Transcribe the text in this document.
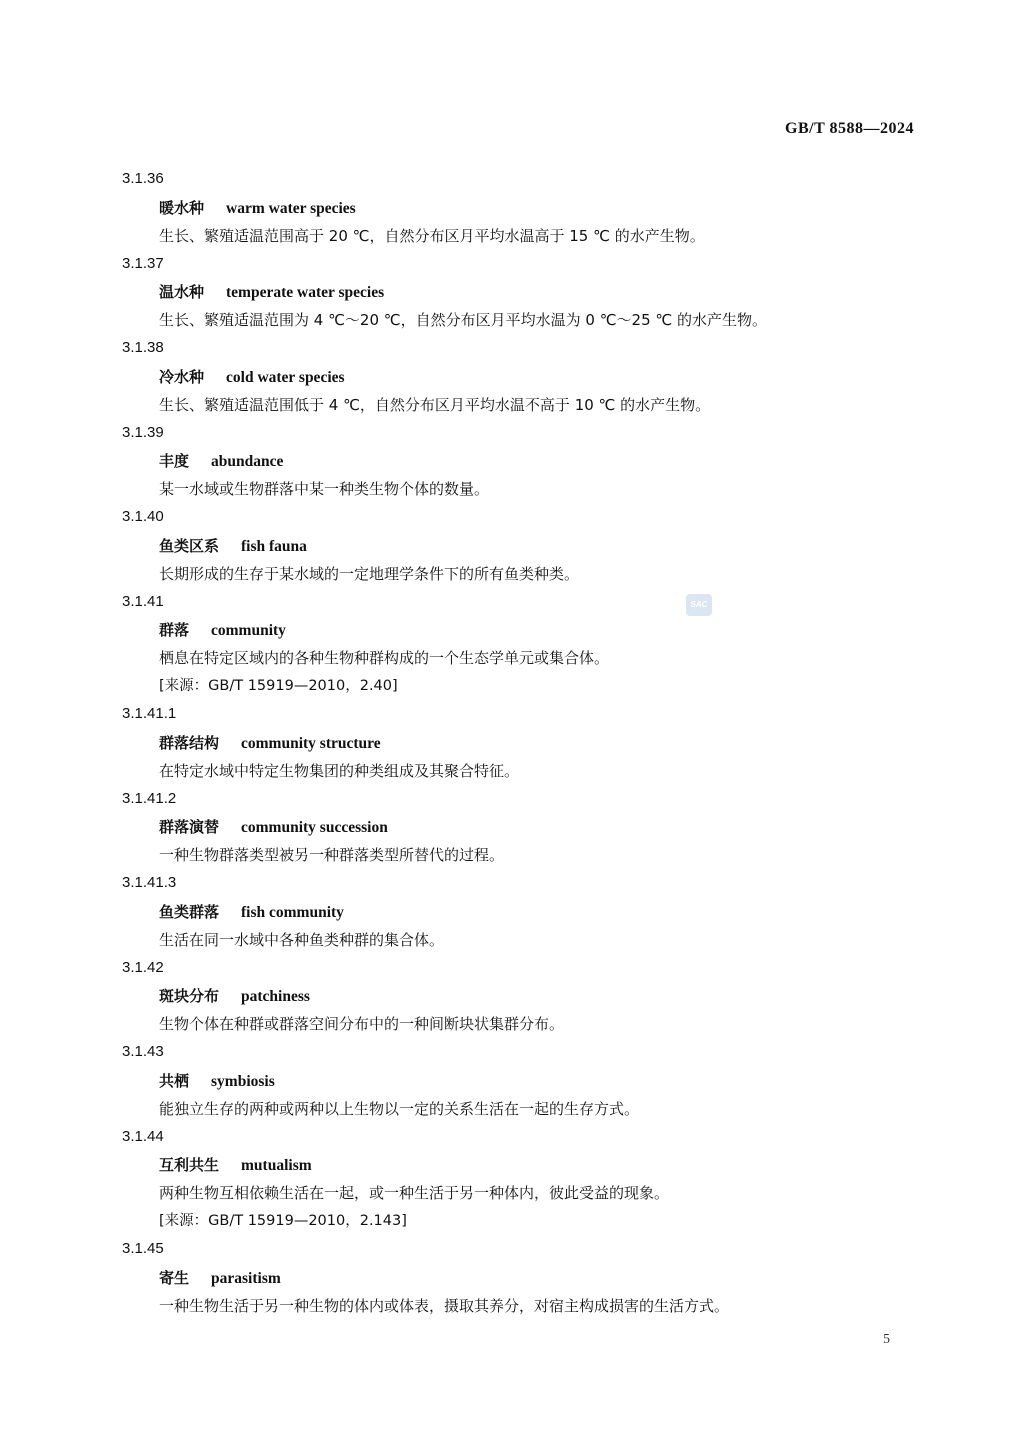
GB/T 8588—2024
3.1.36
暖水种 warm water species
生长、繁殖适温范围高于 20 ℃，自然分布区月平均水温高于 15 ℃ 的水产生物。
3.1.37
温水种 temperate water species
生长、繁殖适温范围为 4 ℃～20 ℃，自然分布区月平均水温为 0 ℃～25 ℃ 的水产生物。
3.1.38
冷水种 cold water species
生长、繁殖适温范围低于 4 ℃，自然分布区月平均水温不高于 10 ℃ 的水产生物。
3.1.39
丰度 abundance
某一水域或生物群落中某一种类生物个体的数量。
3.1.40
鱼类区系 fish fauna
长期形成的生存于某水域的一定地理学条件下的所有鱼类种类。
3.1.41
群落 community
栖息在特定区域内的各种生物种群构成的一个生态学单元或集合体。
[来源：GB/T 15919—2010，2.40]
3.1.41.1
群落结构 community structure
在特定水域中特定生物集团的种类组成及其聚合特征。
3.1.41.2
群落演替 community succession
一种生物群落类型被另一种群落类型所替代的过程。
3.1.41.3
鱼类群落 fish community
生活在同一水域中各种鱼类种群的集合体。
3.1.42
斑块分布 patchiness
生物个体在种群或群落空间分布中的一种间断块状集群分布。
3.1.43
共栖 symbiosis
能独立生存的两种或两种以上生物以一定的关系生活在一起的生存方式。
3.1.44
互利共生 mutualism
两种生物互相依赖生活在一起，或一种生活于另一种体内，彼此受益的现象。
[来源：GB/T 15919—2010，2.143]
3.1.45
寄生 parasitism
一种生物生活于另一种生物的体内或体表，摄取其养分，对宿主构成损害的生活方式。
SAC
5
